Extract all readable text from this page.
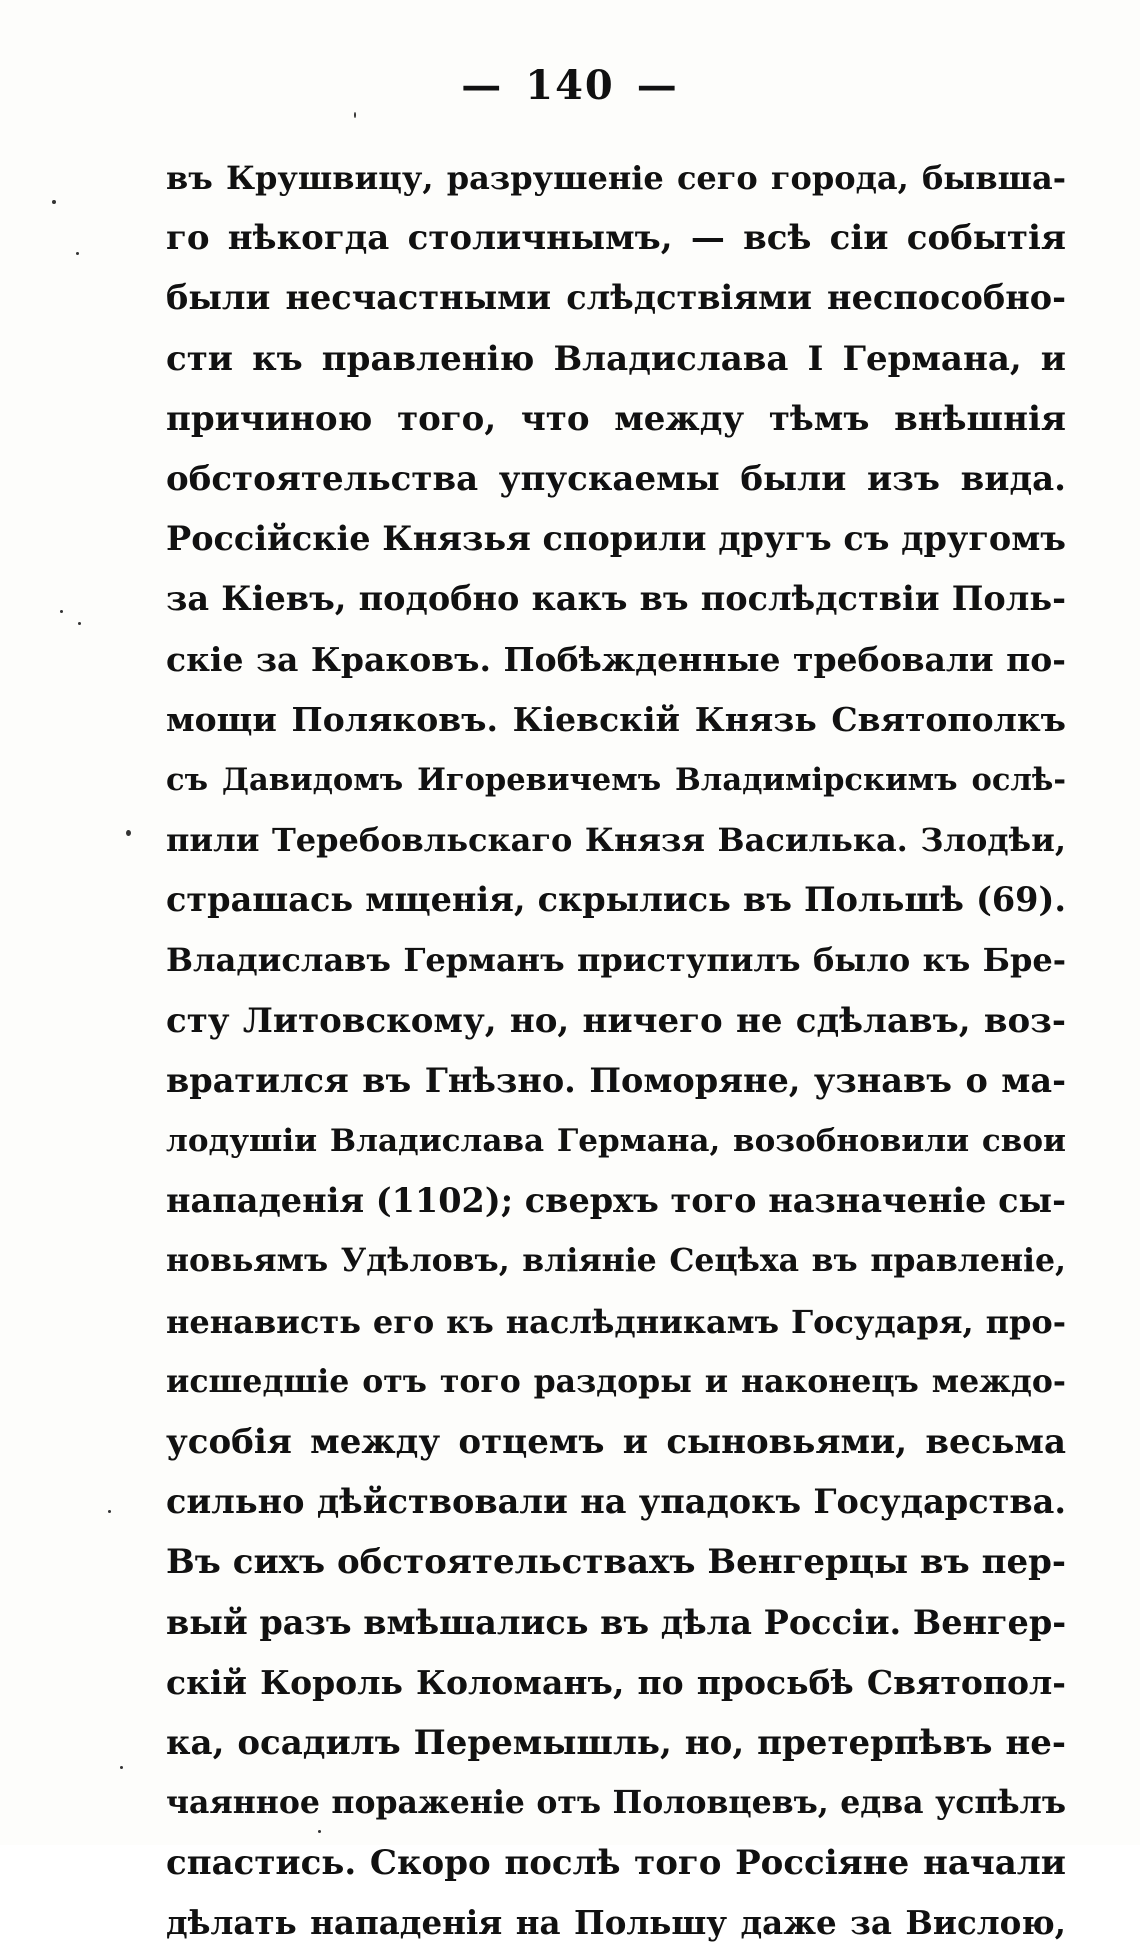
— 140 —
въ Крушвицу, разрушенiе сего города, бывша-
го нѣкогда столичнымъ, — всѣ сiи событiя
были несчастными слѣдствiями неспособно-
сти къ правленiю Владислава I Германа, и
причиною того, что между тѣмъ внѣшнiя
обстоятельства упускаемы были изъ вида.
Россiйскiе Князья спорили другъ съ другомъ
за Кiевъ, подобно какъ въ послѣдствiи Поль-
скiе за Краковъ. Побѣжденные требовали по-
мощи Поляковъ. Кiевскiй Князь Святополкъ
съ Давидомъ Игоревичемъ Владимiрскимъ ослѣ-
пили Теребовльскаго Князя Василька. Злодѣи,
страшась мщенiя, скрылись въ Польшѣ (69).
Владиславъ Германъ приступилъ было къ Бре-
сту Литовскому, но, ничего не сдѣлавъ, воз-
вратился въ Гнѣзно. Поморяне, узнавъ о ма-
лодушiи Владислава Германа, возобновили свои
нападенiя (1102); сверхъ того назначенiе сы-
новьямъ Удѣловъ, влiянiе Сецѣха въ правленiе,
ненависть его къ наслѣдникамъ Государя, про-
исшедшiе отъ того раздоры и наконецъ междо-
усобiя между отцемъ и сыновьями, весьма
сильно дѣйствовали на упадокъ Государства.
Въ сихъ обстоятельствахъ Венгерцы въ пер-
вый разъ вмѣшались въ дѣла Россiи. Венгер-
скiй Король Коломанъ, по просьбѣ Святопол-
ка, осадилъ Перемышль, но, претерпѣвъ не-
чаянное пораженiе отъ Половцевъ, едва успѣлъ
спастись. Скоро послѣ того Россiяне начали
дѣлать нападенiя на Польшу даже за Вислою,
